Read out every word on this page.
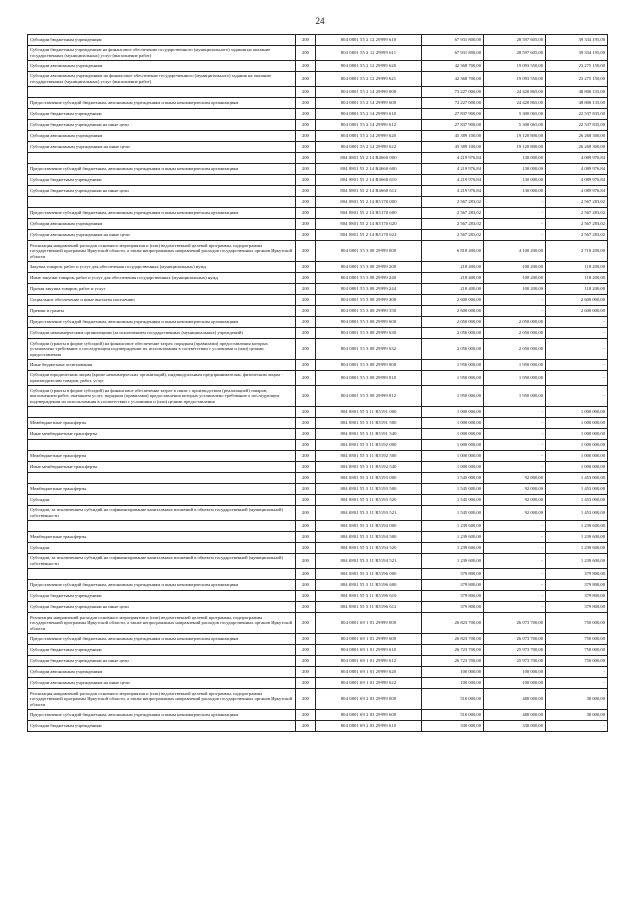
24
Субсидии бюджетным учреждениям	200	804 0801 55 2 12 29999 610	67 931 800,00	28 597 605,00	39 334 195,00
Субсидии бюджетным учреждениям на финансовое обеспечение государственного (муниципального) задания на оказание государственных (муниципальных) услуг (выполнение работ)	200	804 0801 55 2 12 29999 611	67 931 800,00	28 597 605,00	39 334 195,00
Субсидии автономным учреждениям	200	804 0801 55 2 12 29999 620	42 368 700,00	19 093 550,00	23 275 150,00
Субсидии автономным учреждениям на финансовое обеспечение государственного (муниципального) задания на оказание государственных (муниципальных) услуг (выполнение работ)	200	804 0801 55 2 12 29999 621	42 368 700,00	19 093 550,00	23 275 150,00
	200	804 0801 55 2 14 29999 000	73 227 000,00	24 420 865,00	48 806 135,00
Предоставление субсидий бюджетным, автономным учреждениям и иным некоммерческим организациям	200	804 0801 55 2 14 29999 600	73 227 000,00	24 420 865,00	48 806 135,00
Субсидии бюджетным учреждениям	200	804 0801 55 2 14 29999 610	27 837 900,00	5 300 065,00	22 537 835,00
Субсидии бюджетным учреждениям на иные цели	200	804 0801 55 2 14 29999 612	27 837 900,00	5 300 065,00	22 537 835,00
Субсидии автономным учреждениям	200	804 0801 55 2 14 29999 620	45 389 100,00	19 120 800,00	26 268 300,00
Субсидии автономным учреждениям на иные цели	200	804 0801 55 2 14 29999 622	45 389 100,00	19 120 800,00	26 268 300,00
	200	804 0801 55 2 14 R4660 000	4 219 976,84	130 000,00	4 089 976,84
Предоставление субсидий бюджетным, автономным учреждениям и иным некоммерческим организациям	200	804 0801 55 2 14 R4660 600	4 219 976,84	130 000,00	4 089 976,84
Субсидии бюджетным учреждениям	200	804 0801 55 2 14 R4660 610	4 219 976,84	130 000,00	4 089 976,84
Субсидии бюджетным учреждениям на иные цели	200	804 0801 55 2 14 R4660 612	4 219 976,84	130 000,00	4 089 976,84
	200	804 0801 55 2 14 R5170 000	2 567 283,02	-	2 567 283,02
Предоставление субсидий бюджетным, автономным учреждениям и иным некоммерческим организациям	200	804 0801 55 2 14 R5170 600	2 567 283,02	-	2 567 283,02
Субсидии автономным учреждениям	200	804 0801 55 2 14 R5170 620	2 567 283,02	-	2 567 283,02
Субсидии автономным учреждениям на иные цели	200	804 0801 55 2 14 R5170 622	2 567 283,02	-	2 567 283,02
Реализация направлений расходов основного мероприятия и (или) ведомственной целевой программы, подпрограммы государственной программы Иркутской области, а также непрограммных направлений расходов государственных органов Иркутской области	200	804 0801 55 3 08 29999 000	6 818 400,00	4 100 200,00	2 718 200,00
Закупка товаров, работ и услуг для обеспечения государственных (муниципальных) нужд	200	804 0801 55 3 08 29999 200	218 400,00	100 200,00	118 200,00
Иные закупки товаров, работ и услуг для обеспечения государственных (муниципальных) нужд	200	804 0801 55 3 08 29999 240	218 400,00	100 200,00	118 200,00
Прочая закупка товаров, работ и услуг	200	804 0801 55 3 08 29999 244	218 400,00	100 200,00	118 200,00
Социальное обеспечение и иные выплаты населению	200	804 0801 55 3 08 29999 300	2 600 000,00	-	2 600 000,00
Премии и гранты	200	804 0801 55 3 08 29999 350	2 600 000,00	-	2 600 000,00
Предоставление субсидий бюджетным, автономным учреждениям и иным некоммерческим организациям	200	804 0801 55 3 08 29999 600	2 050 000,00	2 050 000,00	-
Субсидии некоммерческим организациям (за исключением государственных (муниципальных) учреждений)	200	804 0801 55 3 08 29999 630	2 050 000,00	2 050 000,00	-
Субсидии (гранты в форме субсидий) на финансовое обеспечение затрат, порядком (правилами) предоставления которых установлено требование о последующем подтверждении их использования в соответствии с условиями и (или) целями предоставления	200	804 0801 55 3 08 29999 632	2 050 000,00	2 050 000,00	-
Иные бюджетные ассигнования	200	804 0801 55 3 08 29999 800	1 950 000,00	1 950 000,00	-
Субсидии юридическим лицам (кроме некоммерческих организаций), индивидуальным предпринимателям, физическим лицам - производителям товаров, работ, услуг	200	804 0801 55 3 08 29999 810	1 950 000,00	1 950 000,00	-
Субсидии (гранты в форме субсидий) на финансовое обеспечение затрат в связи с производством (реализацией) товаров, выполнением работ, оказанием услуг, порядком (правилами) предоставления которых установлено требование о последующем подтверждении их использования в соответствии с условиями и (или) целями предоставления	200	804 0801 55 3 08 29999 812	1 950 000,00	1 950 000,00	-
	200	804 0801 55 3 11 R5191 000	1 000 000,00	-	1 000 000,00
Межбюджетные трансферты	200	804 0801 55 3 11 R5191 500	1 000 000,00	-	1 000 000,00
Иные межбюджетные трансферты	200	804 0801 55 3 11 R5191 540	1 000 000,00	-	1 000 000,00
	200	804 0801 55 3 11 R5192 000	1 000 000,00	-	1 000 000,00
Межбюджетные трансферты	200	804 0801 55 3 11 R5192 500	1 000 000,00	-	1 000 000,00
Иные межбюджетные трансферты	200	804 0801 55 3 11 R5192 540	1 000 000,00	-	1 000 000,00
	200	804 0801 55 3 11 R5193 000	1 545 000,00	92 000,00	1 453 000,00
Межбюджетные трансферты	200	804 0801 55 3 11 R5193 500	1 545 000,00	92 000,00	1 453 000,00
Субсидии	200	804 0801 55 3 11 R5193 520	1 545 000,00	92 000,00	1 453 000,00
Субсидии, за исключением субсидий на софинансирование капитальных вложений в объекты государственной (муниципальной) собственности	200	804 0801 55 3 11 R5193 521	1 545 000,00	92 000,00	1 453 000,00
	200	804 0801 55 3 11 R5194 000	1 239 600,00	-	1 239 600,00
Межбюджетные трансферты	200	804 0801 55 3 11 R5194 500	1 239 600,00	-	1 239 600,00
Субсидии	200	804 0801 55 3 11 R5194 520	1 239 600,00	-	1 239 600,00
Субсидии, за исключением субсидий на софинансирование капитальных вложений в объекты государственной (муниципальной) собственности	200	804 0801 55 3 11 R5194 521	1 239 600,00	-	1 239 600,00
	200	804 0801 55 3 11 R5196 000	379 800,00	-	379 800,00
Предоставление субсидий бюджетным, автономным учреждениям и иным некоммерческим организациям	200	804 0801 55 3 11 R5196 600	379 800,00	-	379 800,00
Субсидии бюджетным учреждениям	200	804 0801 55 3 11 R5196 610	379 800,00	-	379 800,00
Субсидии бюджетным учреждениям на иные цели	200	804 0801 55 3 11 R5196 612	379 800,00	-	379 800,00
Реализация направлений расходов основного мероприятия и (или) ведомственной целевой программы, подпрограммы государственной программы Иркутской области, а также непрограммных направлений расходов государственных органов Иркутской области	200	804 0801 69 1 01 29999 000	26 823 700,00	26 073 700,00	750 000,00
Предоставление субсидий бюджетным, автономным учреждениям и иным некоммерческим организациям	200	804 0801 69 1 01 29999 600	26 823 700,00	26 073 700,00	750 000,00
Субсидии бюджетным учреждениям	200	804 0801 69 1 01 29999 610	26 723 700,00	25 973 700,00	750 000,00
Субсидии бюджетным учреждениям на иные цели	200	804 0801 69 1 01 29999 612	26 723 700,00	25 973 700,00	750 000,00
Субсидии автономным учреждениям	200	804 0801 69 1 01 29999 620	100 000,00	100 000,00	-
Субсидии автономным учреждениям на иные цели	200	804 0801 69 1 01 29999 622	100 000,00	100 000,00	-
Реализация направлений расходов основного мероприятия и (или) ведомственной целевой программы, подпрограммы государственной программы Иркутской области, а также непрограммных направлений расходов государственных органов Иркутской области	200	804 0801 69 2 03 29999 000	510 000,00	480 000,00	30 000,00
Предоставление субсидий бюджетным, автономным учреждениям и иным некоммерческим организациям	200	804 0801 69 2 03 29999 600	510 000,00	480 000,00	30 000,00
Субсидии бюджетным учреждениям	200	804 0801 69 2 03 29999 610	330 000,00	330 000,00	-
